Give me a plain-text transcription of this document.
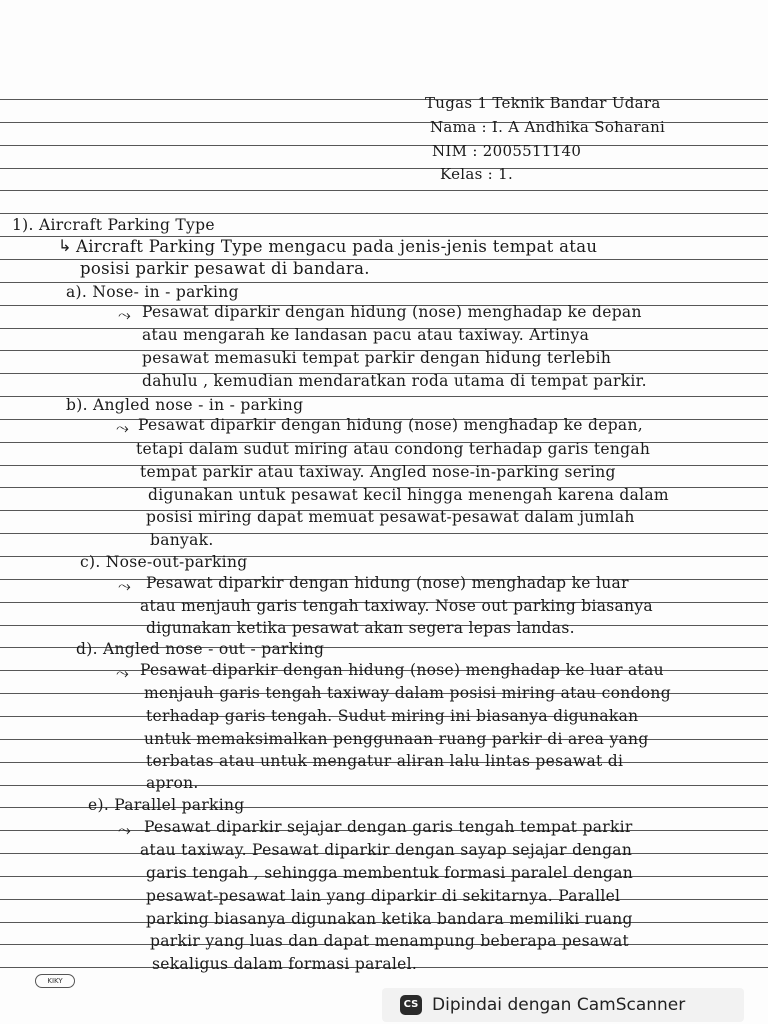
Tugas 1 Teknik Bandar Udara
Nama : I. A Andhika Soharani
NIM : 2005511140
Kelas : 1.
1). Aircraft Parking Type
↳ Aircraft Parking Type mengacu pada jenis-jenis tempat atau
posisi parkir pesawat di bandara.
a). Nose- in - parking
⤳ Pesawat diparkir dengan hidung (nose) menghadap ke depan
atau mengarah ke landasan pacu atau taxiway. Artinya
pesawat memasuki tempat parkir dengan hidung terlebih
dahulu , kemudian mendaratkan roda utama di tempat parkir.
b). Angled nose - in - parking
⤳ Pesawat diparkir dengan hidung (nose) menghadap ke depan,
tetapi dalam sudut miring atau condong terhadap garis tengah
tempat parkir atau taxiway. Angled nose-in-parking sering
digunakan untuk pesawat kecil hingga menengah karena dalam
posisi miring dapat memuat pesawat-pesawat dalam jumlah
banyak.
c). Nose-out-parking
⤳ Pesawat diparkir dengan hidung (nose) menghadap ke luar
atau menjauh garis tengah taxiway. Nose out parking biasanya
digunakan ketika pesawat akan segera lepas landas.
d). Angled nose - out - parking
⤳ Pesawat diparkir dengan hidung (nose) menghadap ke luar atau
menjauh garis tengah taxiway dalam posisi miring atau condong
terhadap garis tengah. Sudut miring ini biasanya digunakan
untuk memaksimalkan penggunaan ruang parkir di area yang
terbatas atau untuk mengatur aliran lalu lintas pesawat di
apron.
e). Parallel parking
⤳ Pesawat diparkir sejajar dengan garis tengah tempat parkir
atau taxiway. Pesawat diparkir dengan sayap sejajar dengan
garis tengah , sehingga membentuk formasi paralel dengan
pesawat-pesawat lain yang diparkir di sekitarnya. Parallel
parking biasanya digunakan ketika bandara memiliki ruang
parkir yang luas dan dapat menampung beberapa pesawat
sekaligus dalam formasi paralel.
KIKY
CS Dipindai dengan CamScanner
